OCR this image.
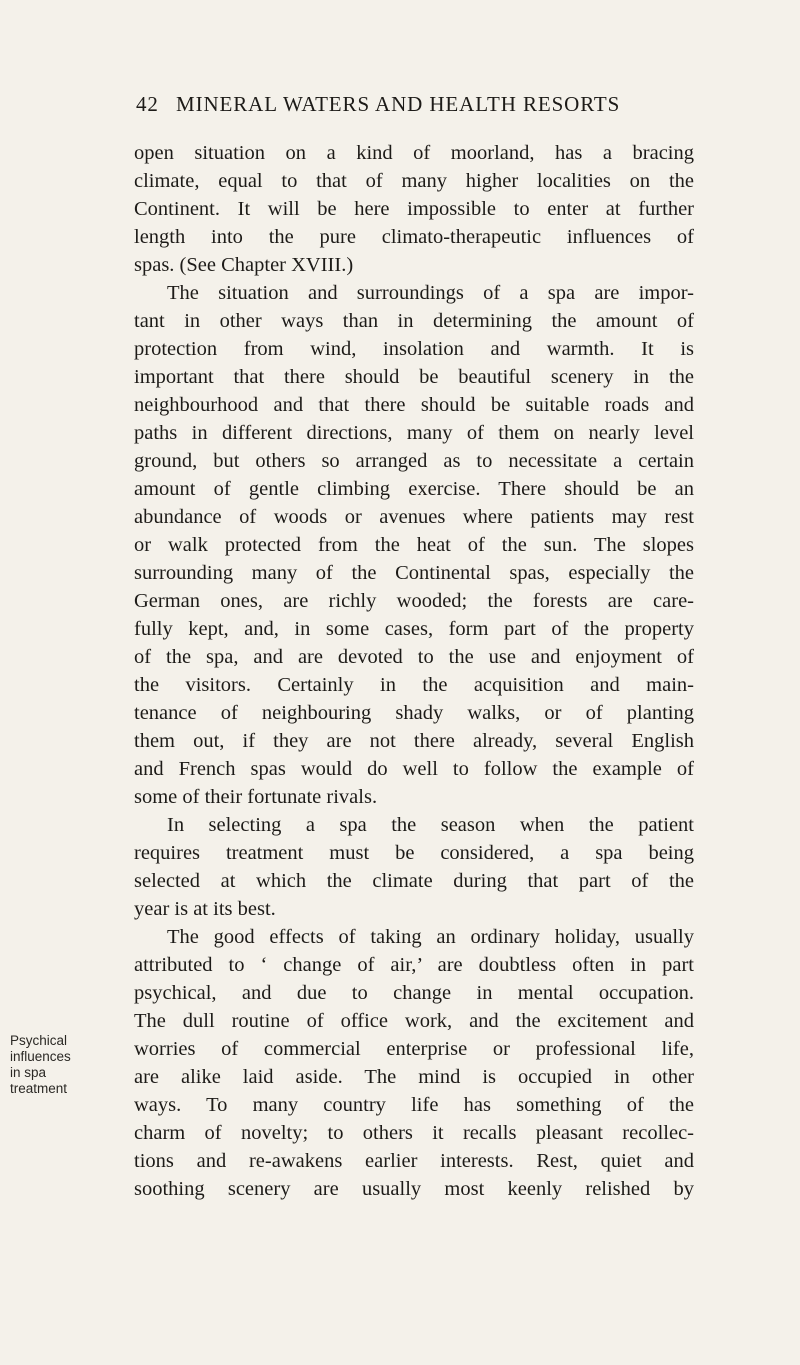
42 MINERAL WATERS AND HEALTH RESORTS
Psychical
influences
in spa
treatment
open situation on a kind of moorland, has a bracing
climate, equal to that of many higher localities on the
Continent. It will be here impossible to enter at further
length into the pure climato-therapeutic influences of
spas. (See Chapter XVIII.)
The situation and surroundings of a spa are impor-
tant in other ways than in determining the amount of
protection from wind, insolation and warmth. It is
important that there should be beautiful scenery in the
neighbourhood and that there should be suitable roads and
paths in different directions, many of them on nearly level
ground, but others so arranged as to necessitate a certain
amount of gentle climbing exercise. There should be an
abundance of woods or avenues where patients may rest
or walk protected from the heat of the sun. The slopes
surrounding many of the Continental spas, especially the
German ones, are richly wooded; the forests are care-
fully kept, and, in some cases, form part of the property
of the spa, and are devoted to the use and enjoyment of
the visitors. Certainly in the acquisition and main-
tenance of neighbouring shady walks, or of planting
them out, if they are not there already, several English
and French spas would do well to follow the example of
some of their fortunate rivals.
In selecting a spa the season when the patient
requires treatment must be considered, a spa being
selected at which the climate during that part of the
year is at its best.
The good effects of taking an ordinary holiday, usually
attributed to ‘ change of air,’ are doubtless often in part
psychical, and due to change in mental occupation.
The dull routine of office work, and the excitement and
worries of commercial enterprise or professional life,
are alike laid aside. The mind is occupied in other
ways. To many country life has something of the
charm of novelty; to others it recalls pleasant recollec-
tions and re-awakens earlier interests. Rest, quiet and
soothing scenery are usually most keenly relished by
